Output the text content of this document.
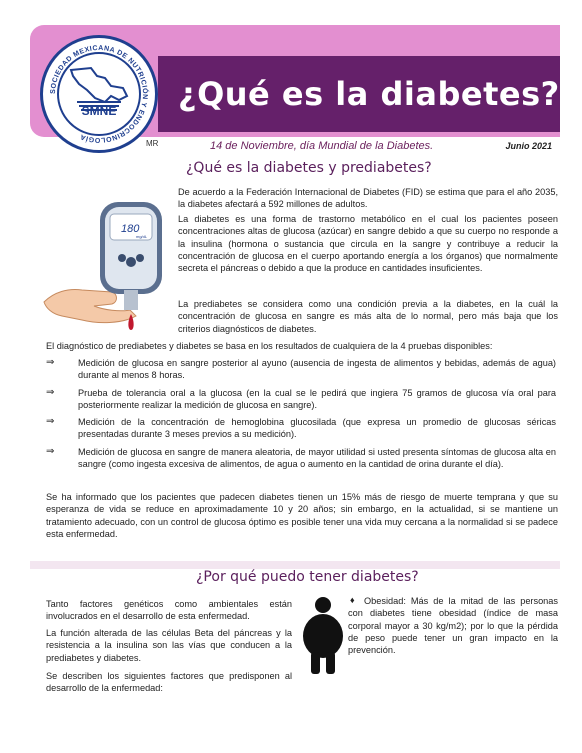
SOCIEDAD MEXICANA DE NUTRICIÓN Y ENDOCRINOLOGÍA
SMNE
MR
¿Qué es la diabetes?
14 de Noviembre, día Mundial de la Diabetes.	Junio 2021
¿Qué es la diabetes y prediabetes?
180
mg/dL
De acuerdo a la Federación Internacional de Diabetes (FID) se estima que para el año 2035, la diabetes afectará a 592 millones de adultos.
La diabetes es una forma de trastorno metabólico en el cual los pacientes poseen concentraciones altas de glucosa (azúcar) en sangre debido a que su cuerpo no responde a la insulina (hormona o sustancia que circula en la sangre y contribuye a reducir la concentración de glucosa en el cuerpo aportando energía a los órganos) que normalmente secreta el páncreas o debido a que la produce en cantidades insuficientes.
La prediabetes se considera como una condición previa a la diabetes, en la cuál la concentración de glucosa en sangre es más alta de lo normal, pero más baja que los criterios diagnósticos de diabetes.
El diagnóstico de prediabetes y diabetes se basa en los resultados de cualquiera de la 4 pruebas disponibles:
⇒	Medición de glucosa en sangre posterior al ayuno (ausencia de ingesta de alimentos y bebidas, además de agua) durante al menos 8 horas.
⇒	Prueba de tolerancia oral a la glucosa (en la cual se le pedirá que ingiera 75 gramos de glucosa vía oral para posteriormente realizar la medición de glucosa en sangre).
⇒	Medición de la concentración de hemoglobina glucosilada (que expresa un promedio de glucosas séricas presentadas durante 3 meses previos a su medición).
⇒	Medición de glucosa en sangre de manera aleatoria, de mayor utilidad si usted presenta síntomas de glucosa alta en sangre (como ingesta excesiva de alimentos, de agua o aumento en la cantidad de orina durante el día).
Se ha informado que los pacientes que padecen diabetes tienen un 15% más de riesgo de muerte temprana y que su esperanza de vida se reduce en aproximadamente 10 y 20 años; sin embargo, en la actualidad, si se mantiene un tratamiento adecuado, con un control de glucosa óptimo es posible tener una vida muy cercana a la normalidad si se padece esta enfermedad.
¿Por qué puedo tener diabetes?
Tanto factores genéticos como ambientales están involucrados en el desarrollo de esta enfermedad.
La función alterada de las células Beta del páncreas y la resistencia a la insulina son las vías que conducen a la prediabetes y diabetes.
Se describen los siguientes factores que predisponen al desarrollo de la enfermedad:
♦	Obesidad: Más de la mitad de las personas con diabetes tiene obesidad (índice de masa corporal mayor a 30 kg/m2); por lo que la pérdida de peso puede tener un gran impacto en la prevención.
